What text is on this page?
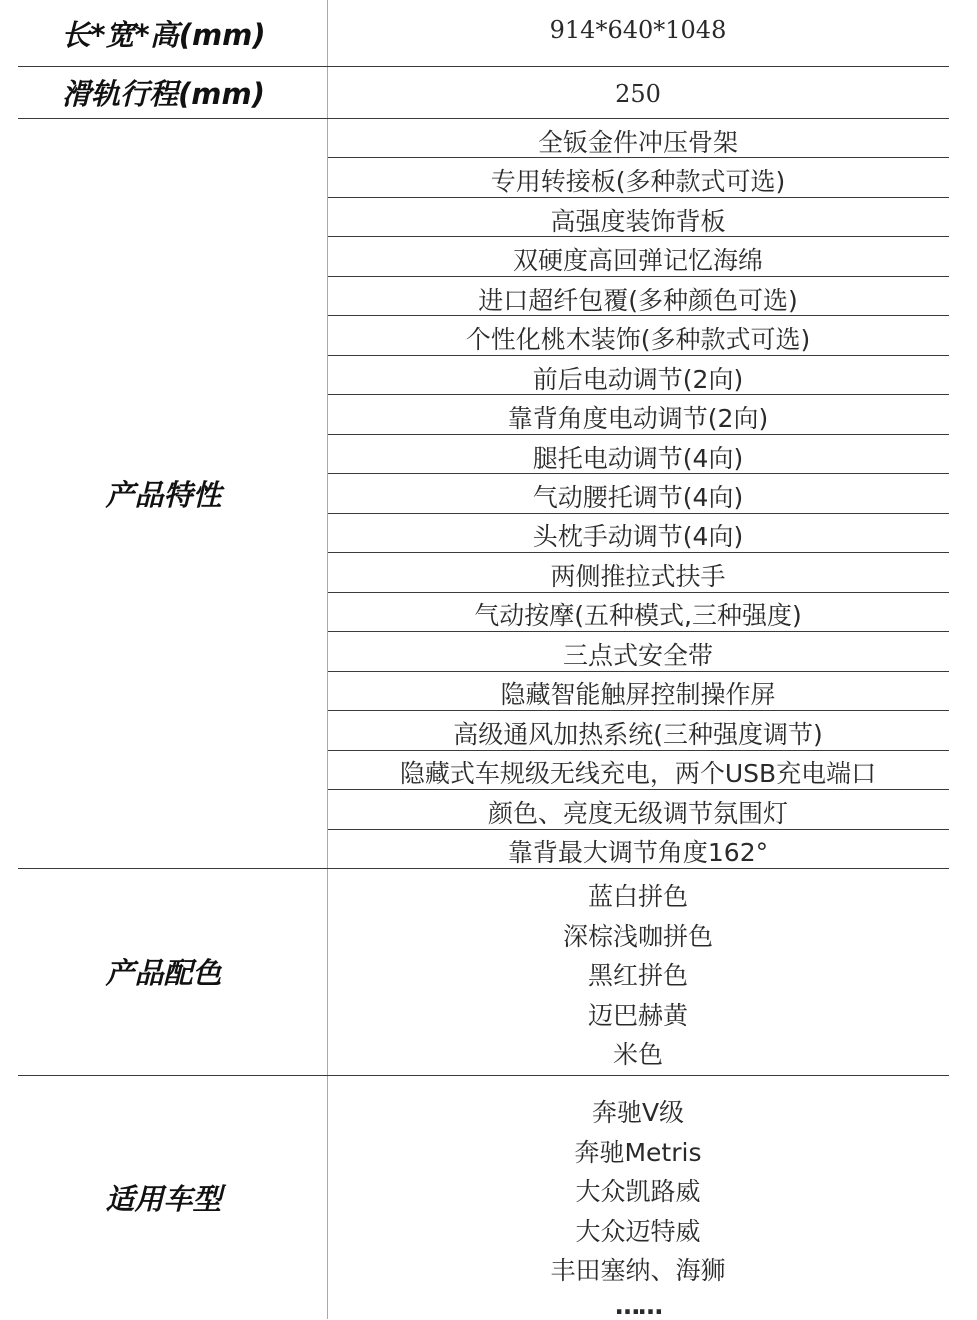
长*宽*高(mm)	914*640*1048
滑轨行程(mm)	250
产品特性
产品配色
适用车型
全钣金件冲压骨架
专用转接板(多种款式可选)
高强度装饰背板
双硬度高回弹记忆海绵
进口超纤包覆(多种颜色可选)
个性化桃木装饰(多种款式可选)
前后电动调节(2向)
靠背角度电动调节(2向)
腿托电动调节(4向)
气动腰托调节(4向)
头枕手动调节(4向)
两侧推拉式扶手
气动按摩(五种模式,三种强度)
三点式安全带
隐藏智能触屏控制操作屏
高级通风加热系统(三种强度调节)
隐藏式车规级无线充电，两个USB充电端口
颜色、亮度无级调节氛围灯
靠背最大调节角度162°
蓝白拼色
深棕浅咖拼色
黑红拼色
迈巴赫黄
米色
奔驰V级
奔驰Metris
大众凯路威
大众迈特威
丰田塞纳、海狮
……
